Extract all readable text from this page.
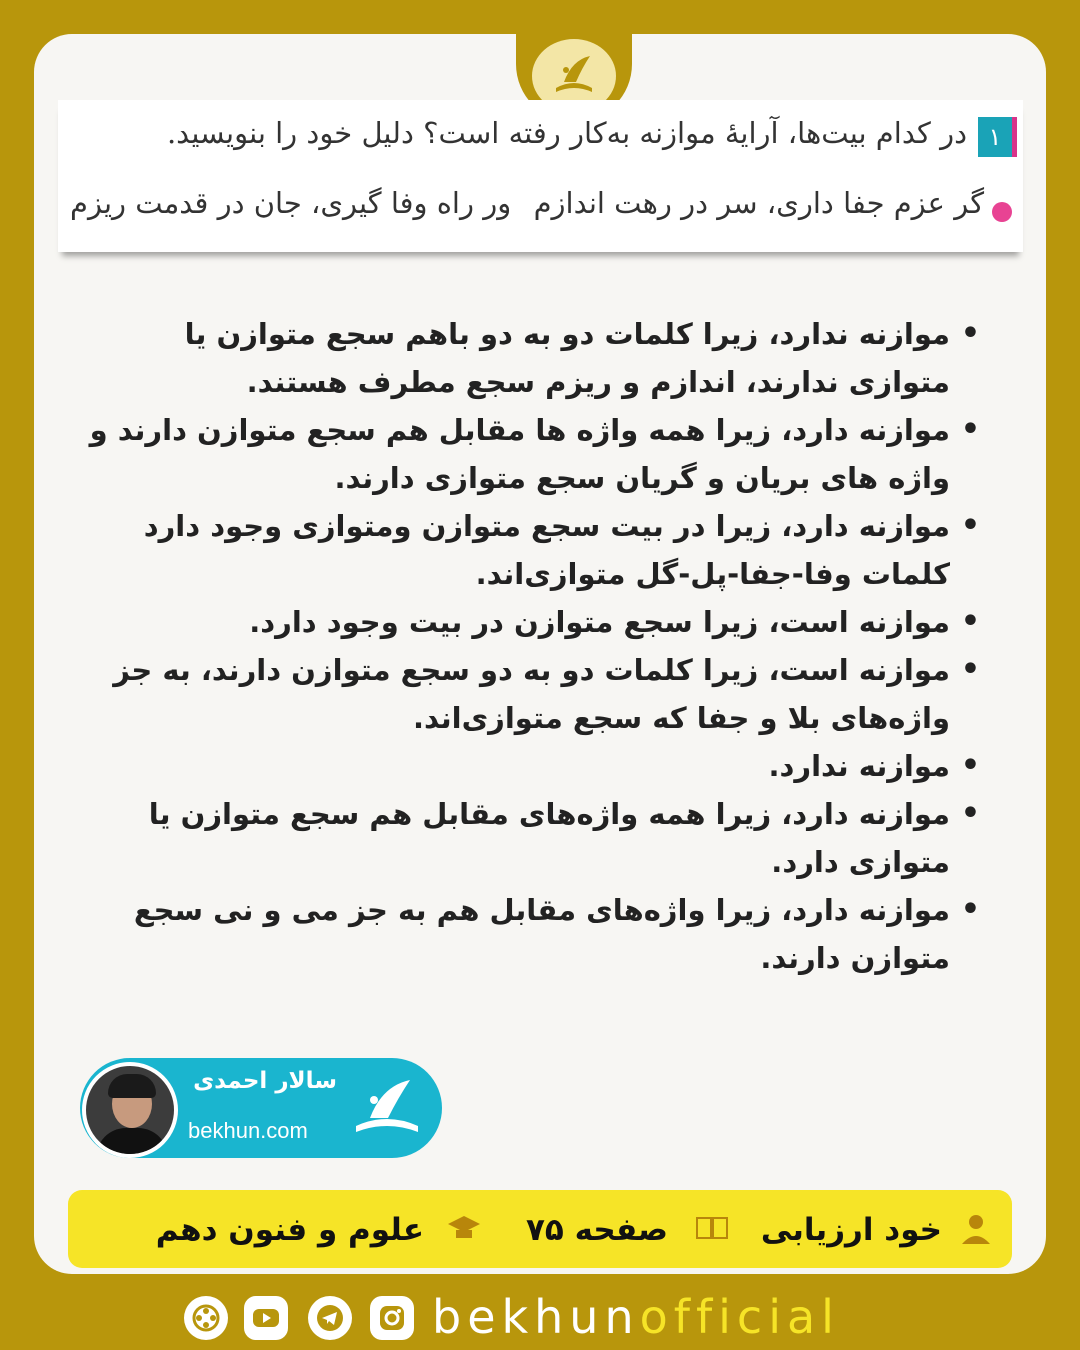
۱
در کدام بیت‌ها، آرایهٔ موازنه به‌کار رفته است؟ دلیل خود را بنویسید.
گر عزم جفا داری، سر در رهت اندازم
ور راه وفا گیری، جان در قدمت ریزم
• موازنه ندارد، زیرا کلمات دو به دو باهم سجع متوازن یا متوازی ندارند، اندازم و ریزم سجع مطرف هستند.
• موازنه دارد، زیرا همه واژه ها مقابل هم سجع متوازن دارند و واژه های بریان و گریان سجع متوازی دارند.
• موازنه دارد، زیرا در بیت سجع متوازن ومتوازی وجود دارد کلمات وفا-جفا-پل-گل متوازی‌اند.
• موازنه است، زیرا سجع متوازن در بیت وجود دارد.
• موازنه است، زیرا کلمات دو به دو سجع متوازن دارند، به جز واژه‌های بلا و جفا که سجع متوازی‌اند.
• موازنه ندارد.
• موازنه دارد، زیرا همه واژه‌های مقابل هم سجع متوازن یا متوازی دارد.
• موازنه دارد، زیرا واژه‌های مقابل هم به جز می و نی سجع متوازن دارند.
سالار احمدی
bekhun.com
خود ارزیابی
صفحه ۷۵
علوم و فنون دهم
bekhunofficial
